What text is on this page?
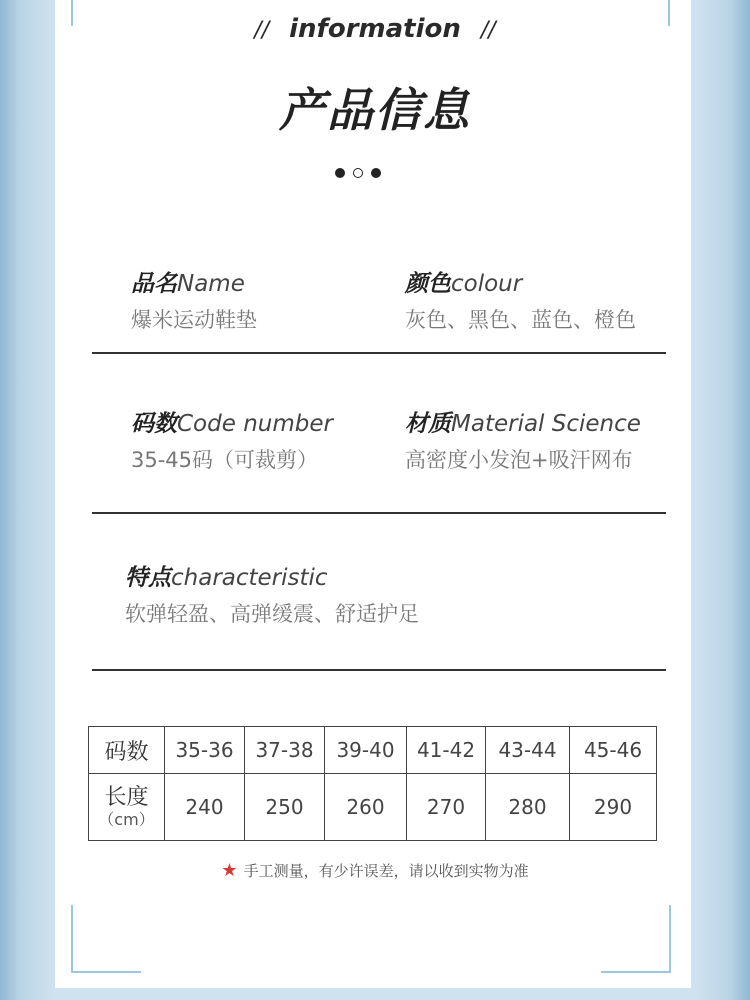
// information //
产品信息
品名Name
爆米运动鞋垫
颜色colour
灰色、黑色、蓝色、橙色
码数Code number
35-45码（可裁剪）
材质Material Science
高密度小发泡+吸汗网布
特点characteristic
软弹轻盈、高弹缓震、舒适护足
码数	35-36	37-38	39-40	41-42	43-44	45-46

长度
（cm）	240	250	260	270	280	290
★ 手工测量，有少许误差，请以收到实物为准
